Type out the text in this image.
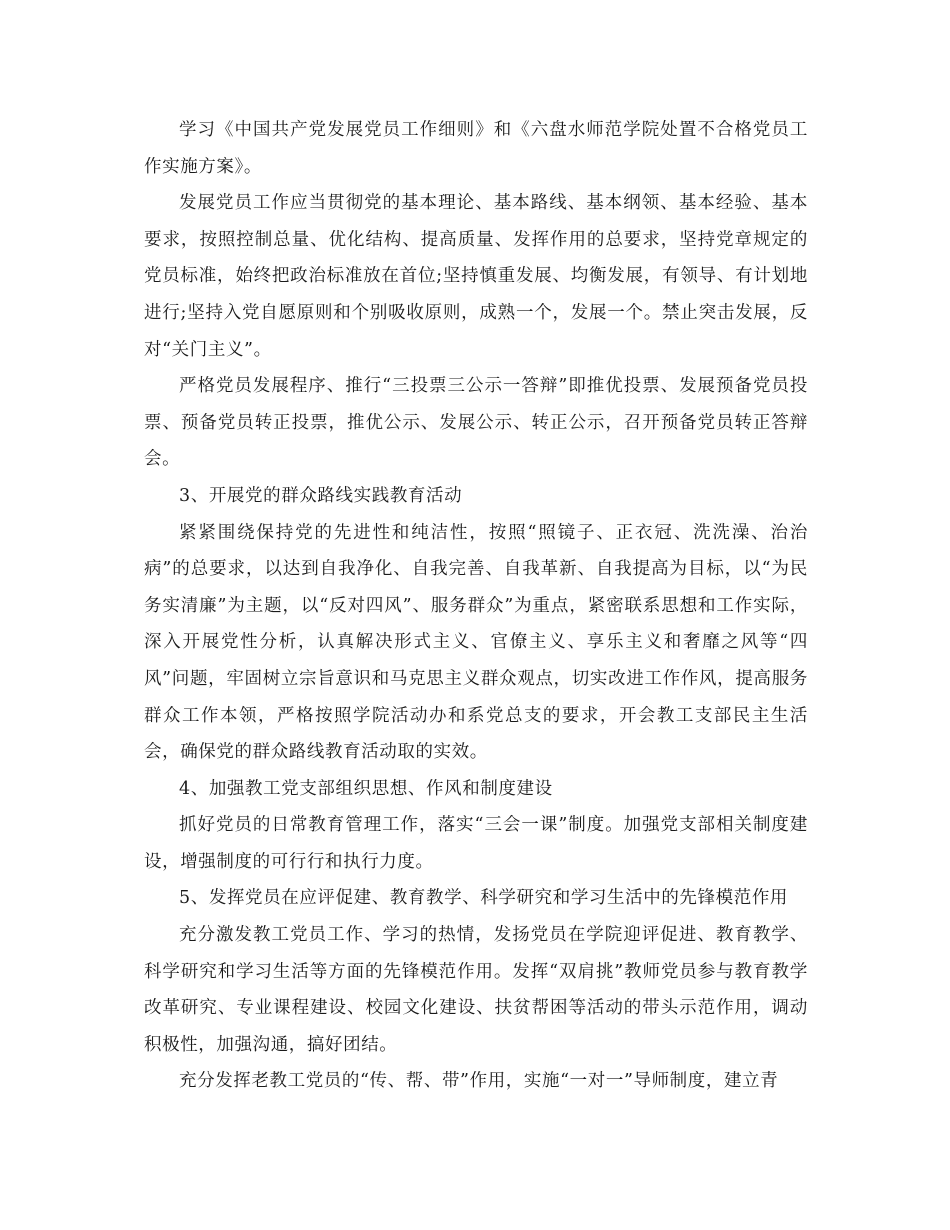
学习《中国共产党发展党员工作细则》和《六盘水师范学院处置不合格党员工作实施方案》。

发展党员工作应当贯彻党的基本理论、基本路线、基本纲领、基本经验、基本要求，按照控制总量、优化结构、提高质量、发挥作用的总要求，坚持党章规定的党员标准，始终把政治标准放在首位;坚持慎重发展、均衡发展，有领导、有计划地进行;坚持入党自愿原则和个别吸收原则，成熟一个，发展一个。禁止突击发展，反对“关门主义”。

严格党员发展程序、推行“三投票三公示一答辩”即推优投票、发展预备党员投票、预备党员转正投票，推优公示、发展公示、转正公示，召开预备党员转正答辩会。

3、开展党的群众路线实践教育活动

紧紧围绕保持党的先进性和纯洁性，按照“照镜子、正衣冠、洗洗澡、治治病”的总要求，以达到自我净化、自我完善、自我革新、自我提高为目标，以“为民务实清廉”为主题，以“反对四风”、服务群众”为重点，紧密联系思想和工作实际，深入开展党性分析，认真解决形式主义、官僚主义、享乐主义和奢靡之风等“四风”问题，牢固树立宗旨意识和马克思主义群众观点，切实改进工作作风，提高服务群众工作本领，严格按照学院活动办和系党总支的要求，开会教工支部民主生活会，确保党的群众路线教育活动取的实效。

4、加强教工党支部组织思想、作风和制度建设

抓好党员的日常教育管理工作，落实“三会一课”制度。加强党支部相关制度建设，增强制度的可行行和执行力度。

5、发挥党员在应评促建、教育教学、科学研究和学习生活中的先锋模范作用

充分激发教工党员工作、学习的热情，发扬党员在学院迎评促进、教育教学、科学研究和学习生活等方面的先锋模范作用。发挥“双肩挑”教师党员参与教育教学改革研究、专业课程建设、校园文化建设、扶贫帮困等活动的带头示范作用，调动积极性，加强沟通，搞好团结。

充分发挥老教工党员的“传、帮、带”作用，实施“一对一”导师制度，建立青
